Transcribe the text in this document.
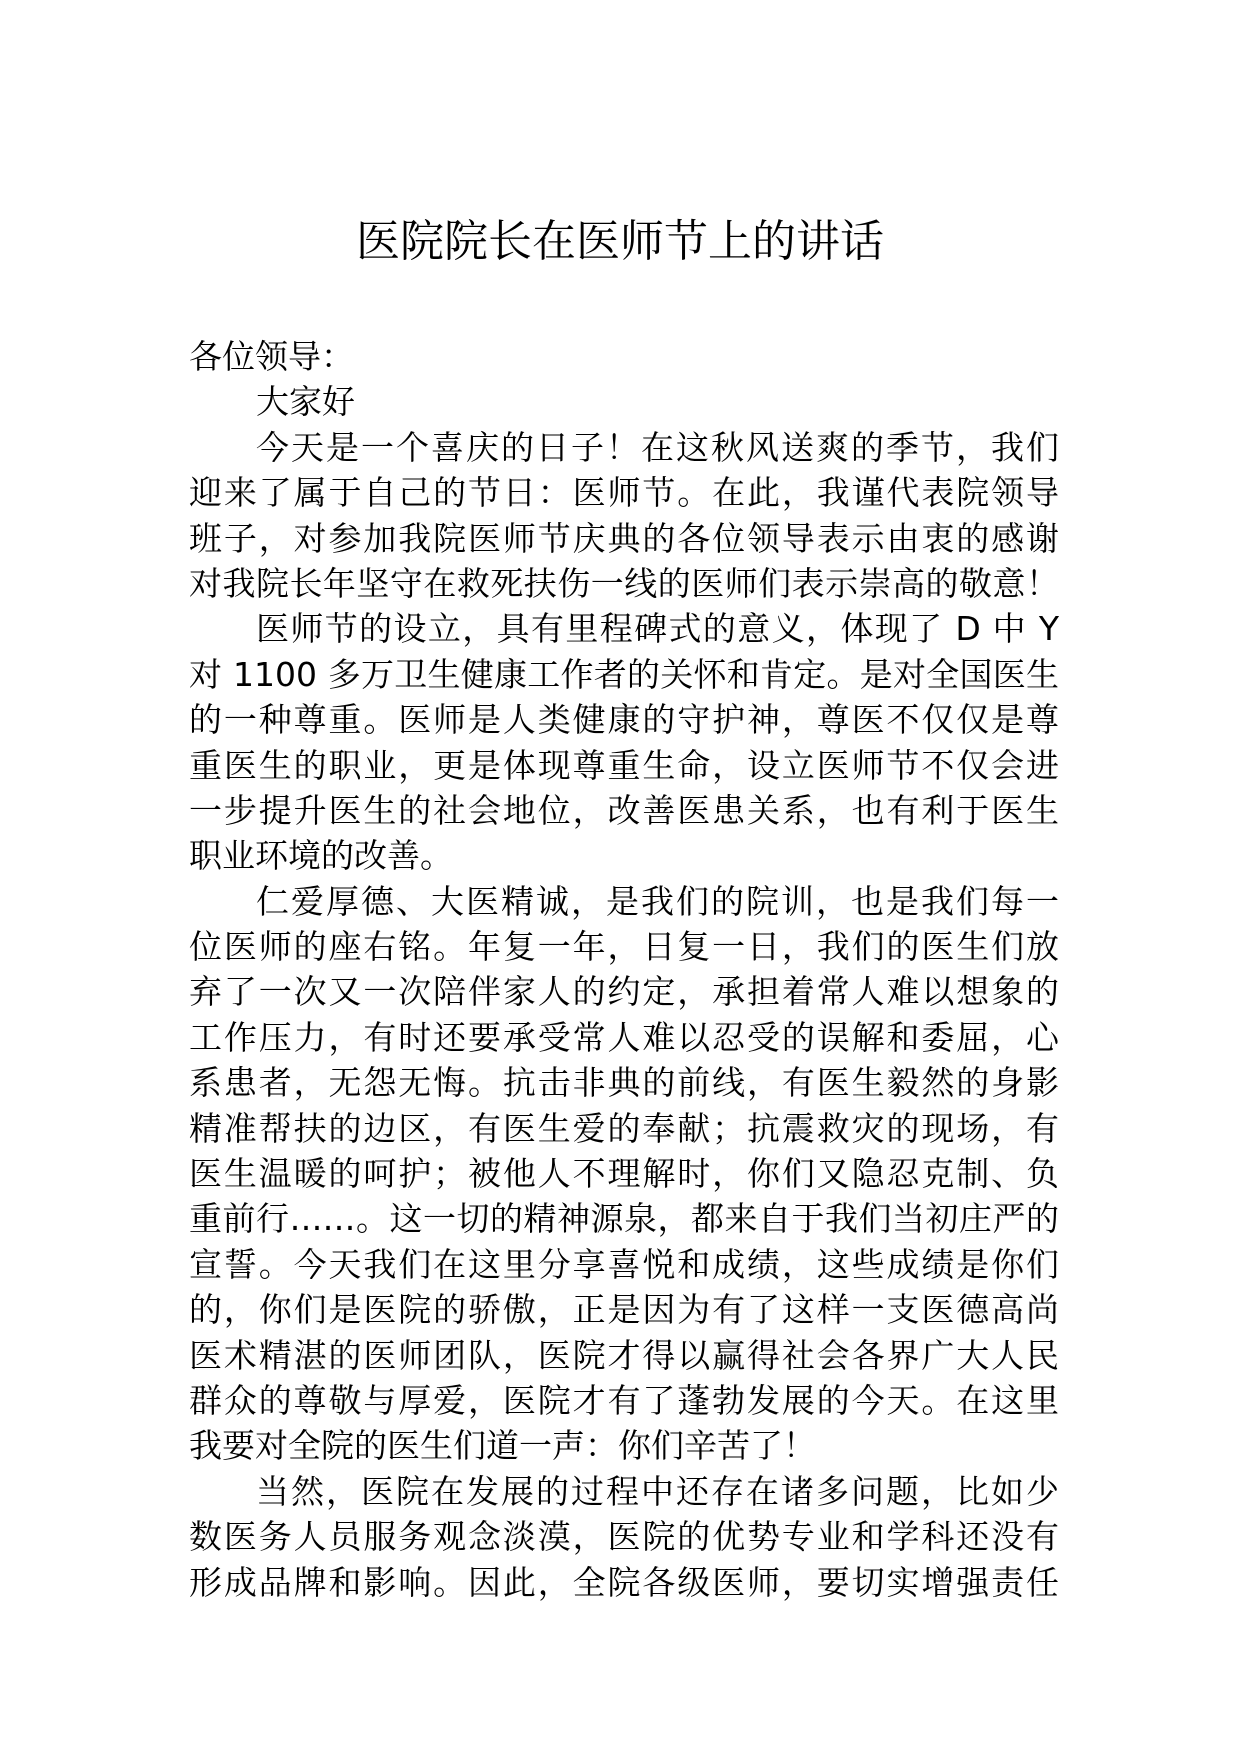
医院院长在医师节上的讲话
各位领导：
大家好
今天是一个喜庆的日子！在这秋风送爽的季节，我们
迎来了属于自己的节日：医师节。在此，我谨代表院领导
班子，对参加我院医师节庆典的各位领导表示由衷的感谢
对我院长年坚守在救死扶伤一线的医师们表示崇高的敬意！
医师节的设立，具有里程碑式的意义，体现了 D 中 Y
对 1100 多万卫生健康工作者的关怀和肯定。是对全国医生
的一种尊重。医师是人类健康的守护神，尊医不仅仅是尊
重医生的职业，更是体现尊重生命，设立医师节不仅会进
一步提升医生的社会地位，改善医患关系，也有利于医生
职业环境的改善。
仁爱厚德、大医精诚，是我们的院训，也是我们每一
位医师的座右铭。年复一年，日复一日，我们的医生们放
弃了一次又一次陪伴家人的约定，承担着常人难以想象的
工作压力，有时还要承受常人难以忍受的误解和委屈，心
系患者，无怨无悔。抗击非典的前线，有医生毅然的身影
精准帮扶的边区，有医生爱的奉献；抗震救灾的现场，有
医生温暖的呵护；被他人不理解时，你们又隐忍克制、负
重前行……。这一切的精神源泉，都来自于我们当初庄严的
宣誓。今天我们在这里分享喜悦和成绩，这些成绩是你们
的，你们是医院的骄傲，正是因为有了这样一支医德高尚
医术精湛的医师团队，医院才得以赢得社会各界广大人民
群众的尊敬与厚爱，医院才有了蓬勃发展的今天。在这里
我要对全院的医生们道一声：你们辛苦了！
当然，医院在发展的过程中还存在诸多问题，比如少
数医务人员服务观念淡漠，医院的优势专业和学科还没有
形成品牌和影响。因此，全院各级医师，要切实增强责任
